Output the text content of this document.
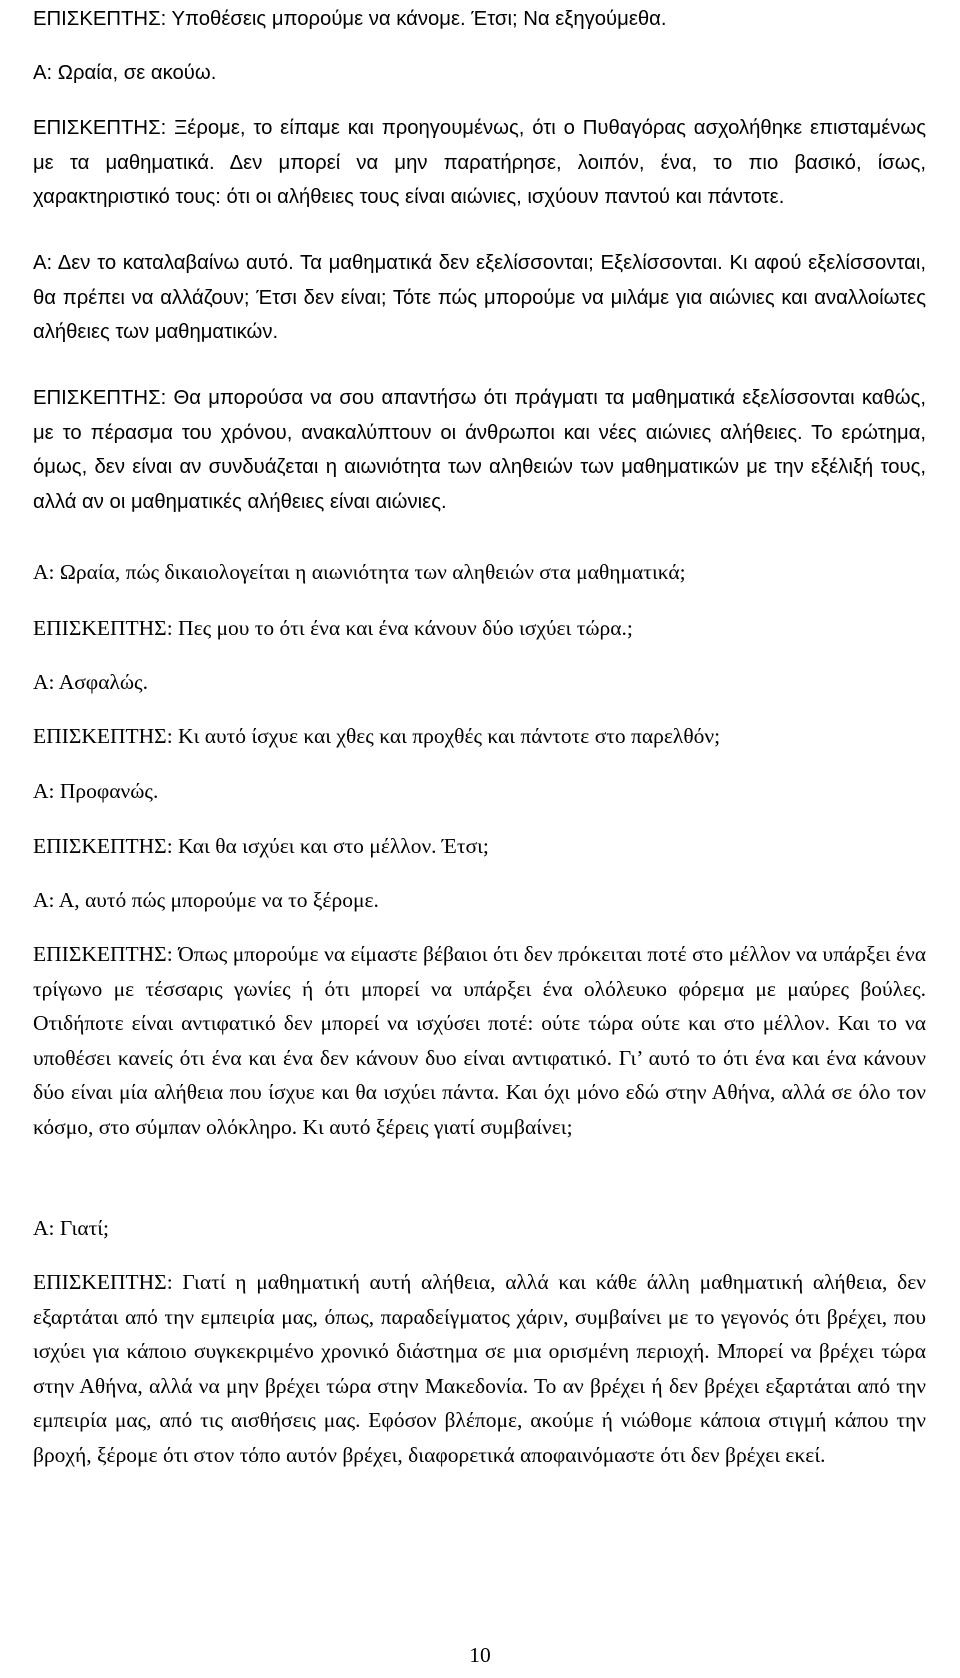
ΕΠΙΣΚΕΠΤΗΣ: Υποθέσεις μπορούμε να κάνομε. Έτσι; Να εξηγούμεθα.

Α: Ωραία, σε ακούω.

ΕΠΙΣΚΕΠΤΗΣ: Ξέρομε, το είπαμε και προηγουμένως, ότι ο Πυθαγόρας ασχολήθηκε επισταμένως με τα μαθηματικά. Δεν μπορεί να μην παρατήρησε, λοιπόν, ένα, το πιο βασικό, ίσως, χαρακτηριστικό τους: ότι οι αλήθειες τους είναι αιώνιες, ισχύουν παντού και πάντοτε.

Α: Δεν το καταλαβαίνω αυτό. Τα μαθηματικά δεν εξελίσσονται; Εξελίσσονται. Κι αφού εξελίσσονται, θα πρέπει να αλλάζουν; Έτσι δεν είναι; Τότε πώς μπορούμε να μιλάμε για αιώνιες και αναλλοίωτες αλήθειες των μαθηματικών.

ΕΠΙΣΚΕΠΤΗΣ: Θα μπορούσα να σου απαντήσω ότι πράγματι τα μαθηματικά εξελίσσονται καθώς, με το πέρασμα του χρόνου, ανακαλύπτουν οι άνθρωποι και νέες αιώνιες αλήθειες. Το ερώτημα, όμως, δεν είναι αν συνδυάζεται η αιωνιότητα των αληθειών των μαθηματικών με την εξέλιξή τους, αλλά αν οι μαθηματικές αλήθειες είναι αιώνιες.

Α: Ωραία, πώς δικαιολογείται η αιωνιότητα των αληθειών στα μαθηματικά;

ΕΠΙΣΚΕΠΤΗΣ: Πες μου το ότι ένα και ένα κάνουν δύο ισχύει τώρα.;

Α: Ασφαλώς.

ΕΠΙΣΚΕΠΤΗΣ: Κι αυτό ίσχυε και χθες και προχθές και πάντοτε στο παρελθόν;

Α: Προφανώς.

ΕΠΙΣΚΕΠΤΗΣ: Και θα ισχύει και στο μέλλον. Έτσι;

Α: Α, αυτό πώς μπορούμε να το ξέρομε.

ΕΠΙΣΚΕΠΤΗΣ: Όπως μπορούμε να είμαστε βέβαιοι ότι δεν πρόκειται ποτέ στο μέλλον να υπάρξει ένα τρίγωνο με τέσσαρις γωνίες ή ότι μπορεί να υπάρξει ένα ολόλευκο φόρεμα με μαύρες βούλες. Οτιδήποτε είναι αντιφατικό δεν μπορεί να ισχύσει ποτέ: ούτε τώρα ούτε και στο μέλλον. Και το να υποθέσει κανείς ότι ένα και ένα δεν κάνουν δυο είναι αντιφατικό. Γι’ αυτό το ότι ένα και ένα κάνουν δύο είναι μία αλήθεια που ίσχυε και θα ισχύει πάντα. Και όχι μόνο εδώ στην Αθήνα, αλλά σε όλο τον κόσμο, στο σύμπαν ολόκληρο. Κι αυτό ξέρεις γιατί συμβαίνει;

Α: Γιατί;

ΕΠΙΣΚΕΠΤΗΣ: Γιατί η μαθηματική αυτή αλήθεια, αλλά και κάθε άλλη μαθηματική αλήθεια, δεν εξαρτάται από την εμπειρία μας, όπως, παραδείγματος χάριν, συμβαίνει με το γεγονός ότι βρέχει, που ισχύει για κάποιο συγκεκριμένο χρονικό διάστημα σε μια ορισμένη περιοχή. Μπορεί να βρέχει τώρα στην Αθήνα, αλλά να μην βρέχει τώρα στην Μακεδονία. Το αν βρέχει ή δεν βρέχει εξαρτάται από την εμπειρία μας, από τις αισθήσεις μας. Εφόσον βλέπομε, ακούμε ή νιώθομε κάποια στιγμή κάπου την βροχή, ξέρομε ότι στον τόπο αυτόν βρέχει, διαφορετικά αποφαινόμαστε ότι δεν βρέχει εκεί.

10
